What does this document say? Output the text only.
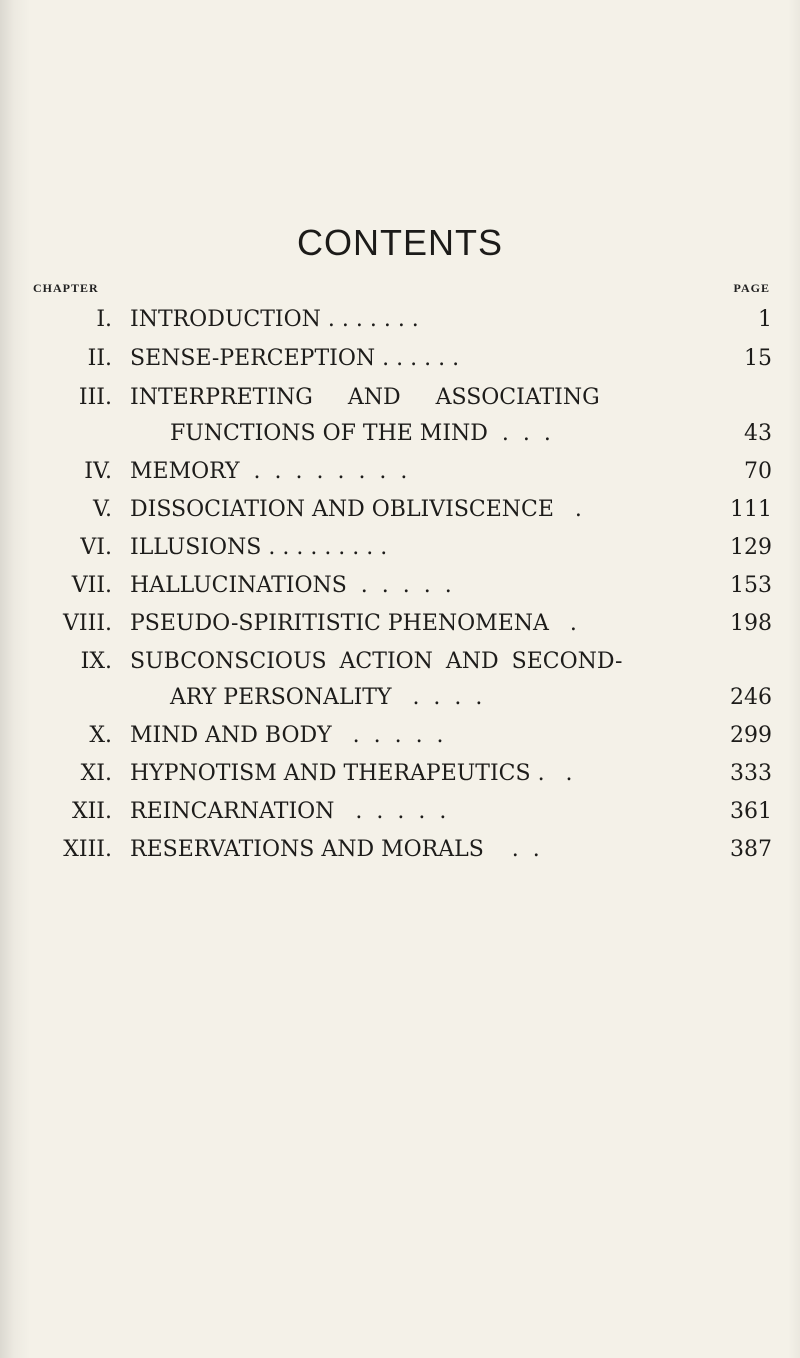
CONTENTS
CHAPTER	PAGE
I. INTRODUCTION . . . . . . .	1
II. SENSE-PERCEPTION . . . . . .	15
III. INTERPRETING AND ASSOCIATING
FUNCTIONS OF THE MIND  .  .  .	43
IV. MEMORY  .  .  .  .  .  .  .  .	70
V. DISSOCIATION AND OBLIVISCENCE   .	111
VI. ILLUSIONS . . . . . . . . .	129
VII. HALLUCINATIONS  .  .  .  .  .	153
VIII. PSEUDO-SPIRITISTIC PHENOMENA   .	198
IX. SUBCONSCIOUS ACTION AND SECOND-
ARY PERSONALITY   .  .  .  .	246
X. MIND AND BODY   .  .  .  .  .	299
XI. HYPNOTISM AND THERAPEUTICS .   .	333
XII. REINCARNATION   .  .  .  .  .	361
XIII. RESERVATIONS AND MORALS    .  .	387
